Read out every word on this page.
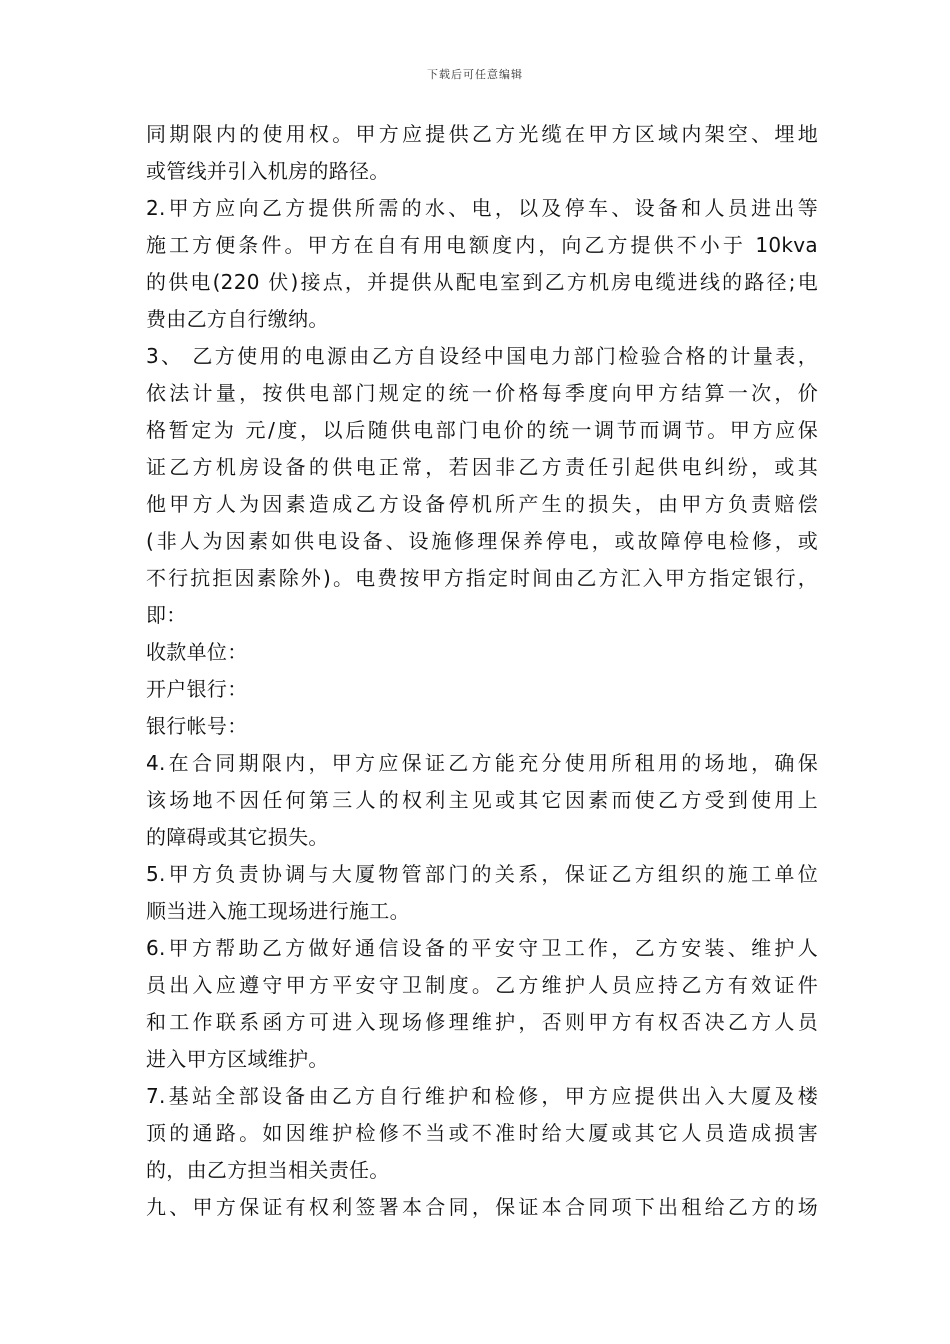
下载后可任意编辑
同期限内的使用权。甲方应提供乙方光缆在甲方区域内架空、埋地
或管线并引入机房的路径。
2.甲方应向乙方提供所需的水、电，以及停车、设备和人员进出等
施工方便条件。甲方在自有用电额度内，向乙方提供不小于 10kva
的供电(220 伏)接点，并提供从配电室到乙方机房电缆进线的路径;电
费由乙方自行缴纳。
3、 乙方使用的电源由乙方自设经中国电力部门检验合格的计量表，
依法计量，按供电部门规定的统一价格每季度向甲方结算一次，价
格暂定为 元/度，以后随供电部门电价的统一调节而调节。甲方应保
证乙方机房设备的供电正常，若因非乙方责任引起供电纠纷，或其
他甲方人为因素造成乙方设备停机所产生的损失，由甲方负责赔偿
(非人为因素如供电设备、设施修理保养停电，或故障停电检修，或
不行抗拒因素除外)。电费按甲方指定时间由乙方汇入甲方指定银行，
即：
收款单位：
开户银行：
银行帐号：
4.在合同期限内，甲方应保证乙方能充分使用所租用的场地，确保
该场地不因任何第三人的权利主见或其它因素而使乙方受到使用上
的障碍或其它损失。
5.甲方负责协调与大厦物管部门的关系，保证乙方组织的施工单位
顺当进入施工现场进行施工。
6.甲方帮助乙方做好通信设备的平安守卫工作，乙方安装、维护人
员出入应遵守甲方平安守卫制度。乙方维护人员应持乙方有效证件
和工作联系函方可进入现场修理维护，否则甲方有权否决乙方人员
进入甲方区域维护。
7.基站全部设备由乙方自行维护和检修，甲方应提供出入大厦及楼
顶的通路。如因维护检修不当或不准时给大厦或其它人员造成损害
的，由乙方担当相关责任。
九、甲方保证有权利签署本合同，保证本合同项下出租给乙方的场
